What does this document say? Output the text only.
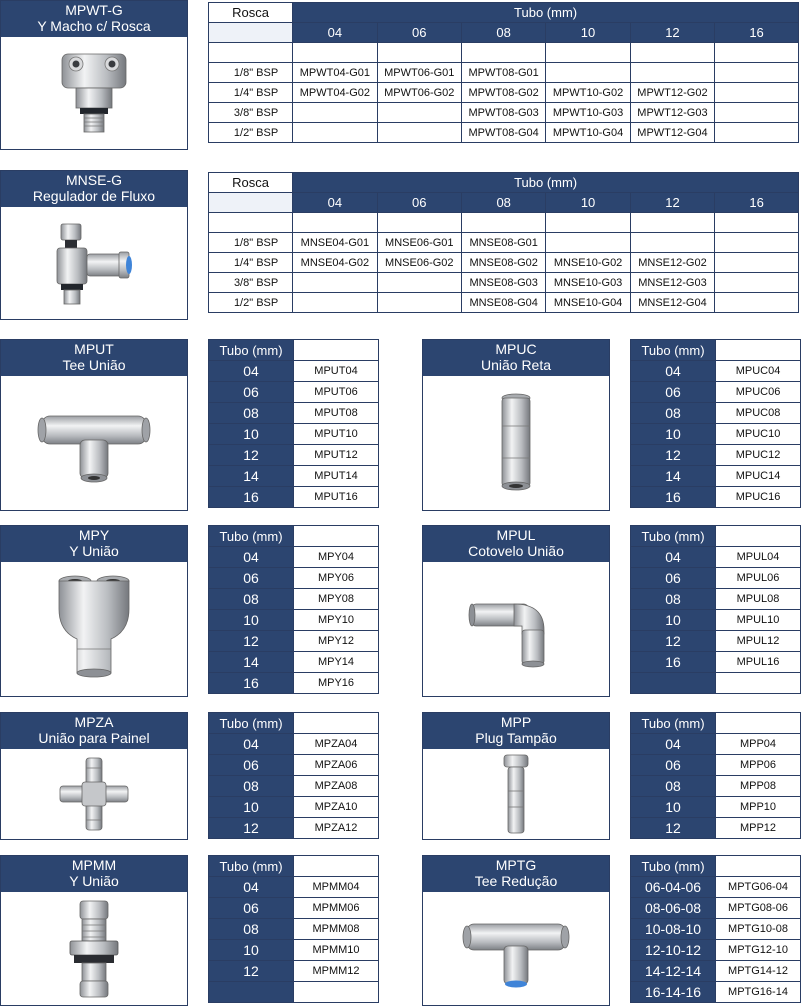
MPWT-G
Y Macho c/ Rosca
Rosca	Tubo (mm)					
	04	06	08	10	12	16

1/8" BSP	MPWT04-G01	MPWT06-G01	MPWT08-G01			
1/4" BSP	MPWT04-G02	MPWT06-G02	MPWT08-G02	MPWT10-G02	MPWT12-G02	
3/8" BSP			MPWT08-G03	MPWT10-G03	MPWT12-G03	
1/2" BSP			MPWT08-G04	MPWT10-G04	MPWT12-G04	
MNSE-G
Regulador de Fluxo
Rosca	Tubo (mm)					
	04	06	08	10	12	16

1/8" BSP	MNSE04-G01	MNSE06-G01	MNSE08-G01			
1/4" BSP	MNSE04-G02	MNSE06-G02	MNSE08-G02	MNSE10-G02	MNSE12-G02	
3/8" BSP			MNSE08-G03	MNSE10-G03	MNSE12-G03	
1/2" BSP			MNSE08-G04	MNSE10-G04	MNSE12-G04	
MPUT
Tee União
Tubo (mm)	
04	MPUT04
06	MPUT06
08	MPUT08
10	MPUT10
12	MPUT12
14	MPUT14
16	MPUT16
MPUC
União Reta
Tubo (mm)	
04	MPUC04
06	MPUC06
08	MPUC08
10	MPUC10
12	MPUC12
14	MPUC14
16	MPUC16
MPY
Y União
Tubo (mm)	
04	MPY04
06	MPY06
08	MPY08
10	MPY10
12	MPY12
14	MPY14
16	MPY16
MPUL
Cotovelo União
Tubo (mm)	
04	MPUL04
06	MPUL06
08	MPUL08
10	MPUL10
12	MPUL12
16	MPUL16

MPZA
União para Painel
Tubo (mm)	
04	MPZA04
06	MPZA06
08	MPZA08
10	MPZA10
12	MPZA12
MPP
Plug Tampão
Tubo (mm)	
04	MPP04
06	MPP06
08	MPP08
10	MPP10
12	MPP12
MPMM
Y União
Tubo (mm)	
04	MPMM04
06	MPMM06
08	MPMM08
10	MPMM10
12	MPMM12

MPTG
Tee Redução
Tubo (mm)	
06-04-06	MPTG06-04
08-06-08	MPTG08-06
10-08-10	MPTG10-08
12-10-12	MPTG12-10
14-12-14	MPTG14-12
16-14-16	MPTG16-14
